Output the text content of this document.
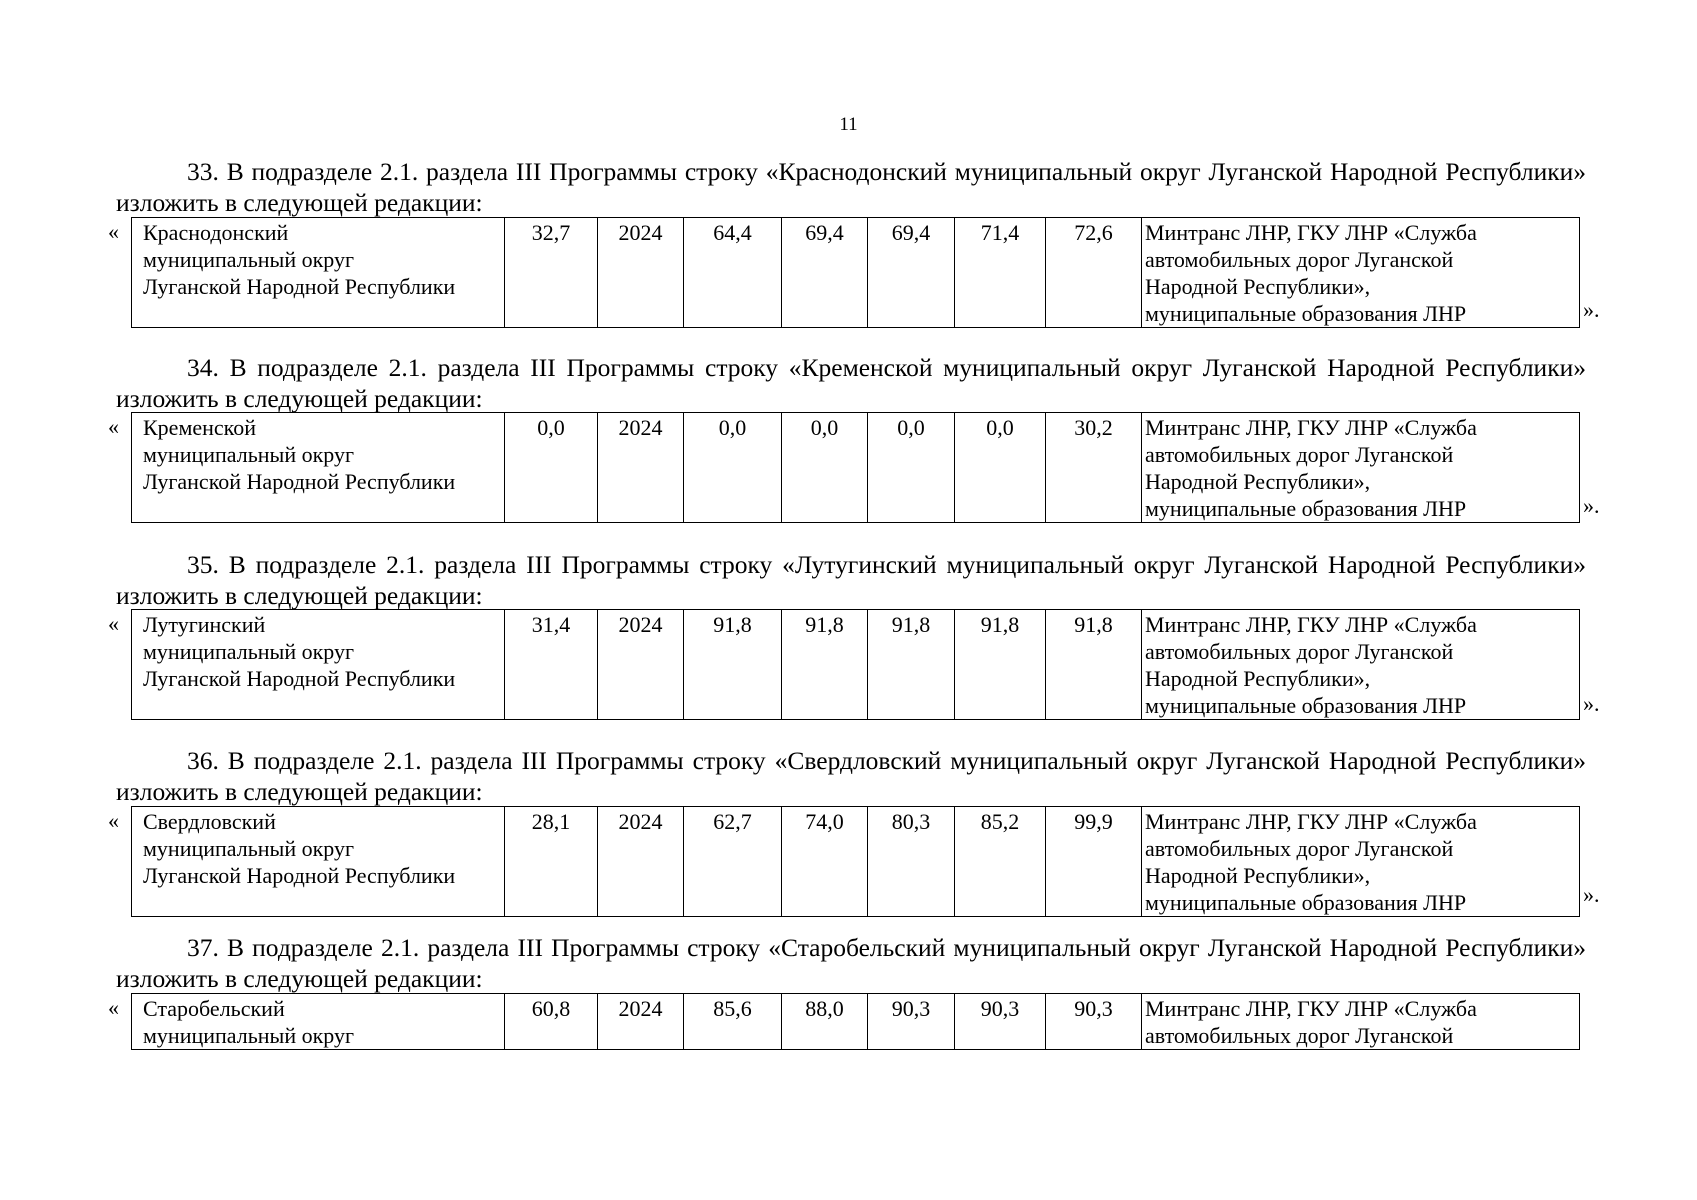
11
33. В подразделе 2.1. раздела III Программы строку «Краснодонский муниципальный округ Луганской Народной Республики» изложить в следующей редакции:
« Краснодонский
муниципальный округ
Луганской Народной Республики
	32,7	2024	64,4	69,4	69,4	71,4	72,6	Минтранс ЛНР, ГКУ ЛНР «Служба
автомобильных дорог Луганской
Народной Республики»,
муниципальные образования ЛНР	».
34. В подразделе 2.1. раздела III Программы строку «Кременской муниципальный округ Луганской Народной Республики» изложить в следующей редакции:
« Кременской
муниципальный округ
Луганской Народной Республики
	0,0	2024	0,0	0,0	0,0	0,0	30,2	Минтранс ЛНР, ГКУ ЛНР «Служба
автомобильных дорог Луганской
Народной Республики»,
муниципальные образования ЛНР	».
35. В подразделе 2.1. раздела III Программы строку «Лутугинский муниципальный округ Луганской Народной Республики» изложить в следующей редакции:
« Лутугинский
муниципальный округ
Луганской Народной Республики
	31,4	2024	91,8	91,8	91,8	91,8	91,8	Минтранс ЛНР, ГКУ ЛНР «Служба
автомобильных дорог Луганской
Народной Республики»,
муниципальные образования ЛНР	».
36. В подразделе 2.1. раздела III Программы строку «Свердловский муниципальный округ Луганской Народной Республики» изложить в следующей редакции:
« Свердловский
муниципальный округ
Луганской Народной Республики
	28,1	2024	62,7	74,0	80,3	85,2	99,9	Минтранс ЛНР, ГКУ ЛНР «Служба
автомобильных дорог Луганской
Народной Республики»,
муниципальные образования ЛНР	».
37. В подразделе 2.1. раздела III Программы строку «Старобельский муниципальный округ Луганской Народной Республики» изложить в следующей редакции:
« Старобельский
муниципальный округ
	60,8	2024	85,6	88,0	90,3	90,3	90,3	Минтранс ЛНР, ГКУ ЛНР «Служба
автомобильных дорог Луганской
